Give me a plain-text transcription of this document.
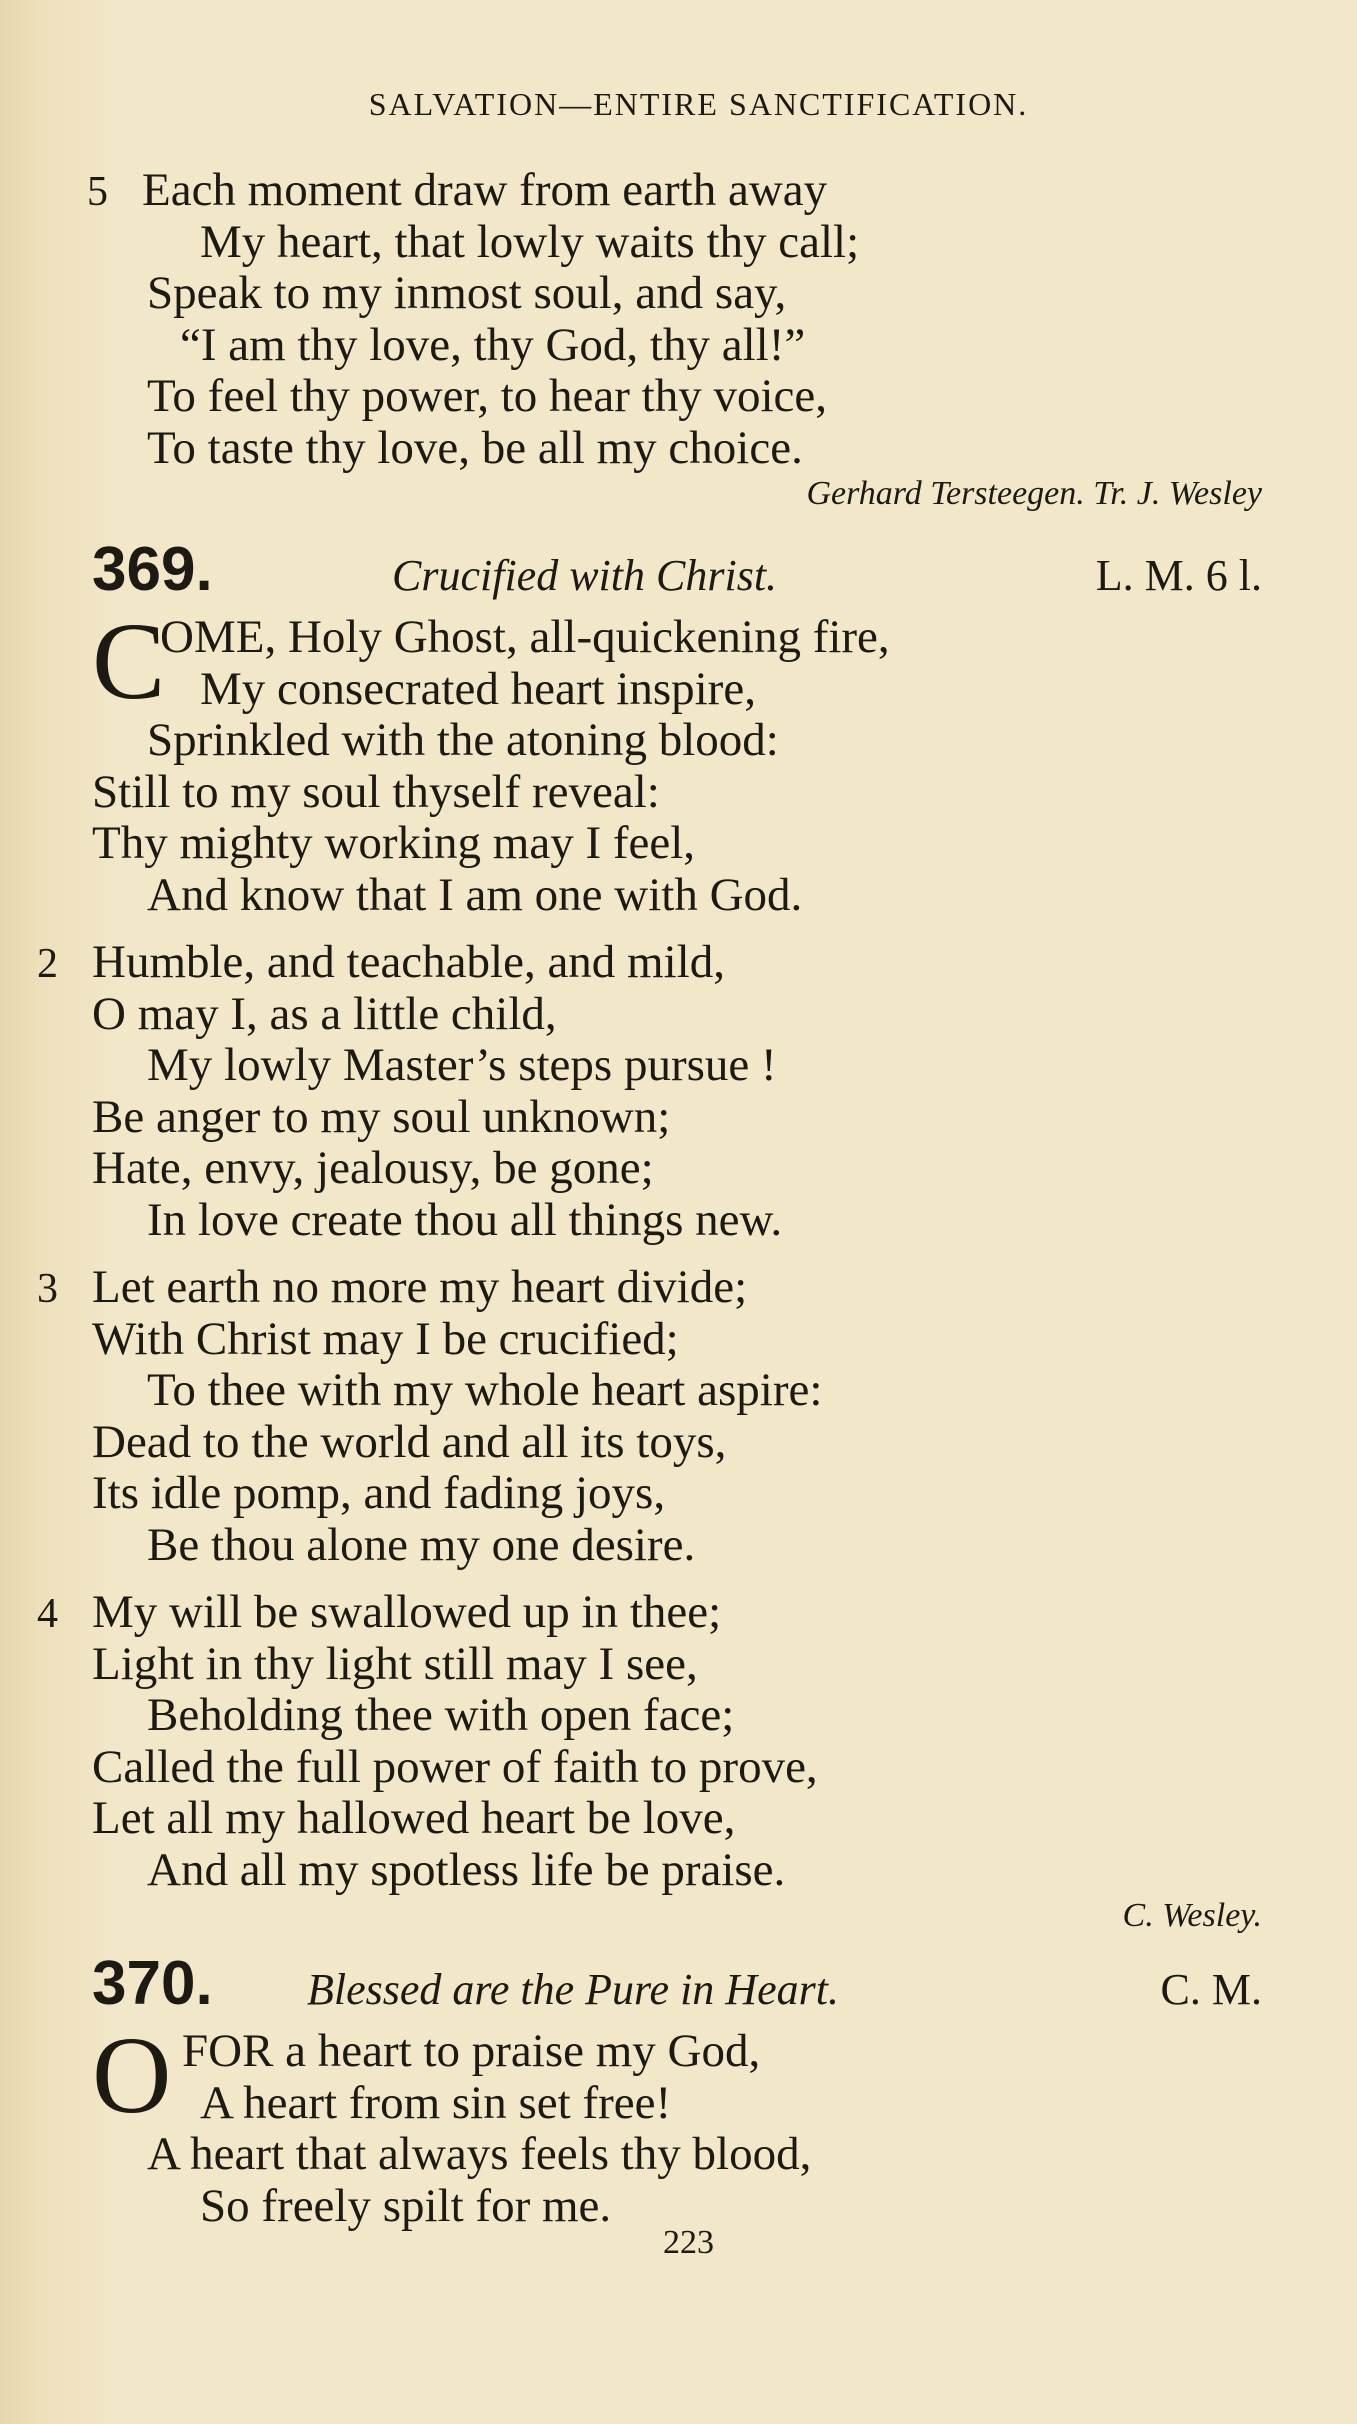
SALVATION—ENTIRE SANCTIFICATION.
5 Each moment draw from earth away
My heart, that lowly waits thy call;
Speak to my inmost soul, and say,
“I am thy love, thy God, thy all!”
To feel thy power, to hear thy voice,
To taste thy love, be all my choice.
Gerhard Tersteegen. Tr. J. Wesley
369.	Crucified with Christ.	L. M. 6 l.
C
OME, Holy Ghost, all-quickening fire,
My consecrated heart inspire,
Sprinkled with the atoning blood:
Still to my soul thyself reveal:
Thy mighty working may I feel,
And know that I am one with God.
2 Humble, and teachable, and mild,
O may I, as a little child,
My lowly Master’s steps pursue !
Be anger to my soul unknown;
Hate, envy, jealousy, be gone;
In love create thou all things new.
3 Let earth no more my heart divide;
With Christ may I be crucified;
To thee with my whole heart aspire:
Dead to the world and all its toys,
Its idle pomp, and fading joys,
Be thou alone my one desire.
4 My will be swallowed up in thee;
Light in thy light still may I see,
Beholding thee with open face;
Called the full power of faith to prove,
Let all my hallowed heart be love,
And all my spotless life be praise.
C. Wesley.
370.	Blessed are the Pure in Heart.	C. M.
O FOR a heart to praise my God,
A heart from sin set free!
A heart that always feels thy blood,
So freely spilt for me.
223
